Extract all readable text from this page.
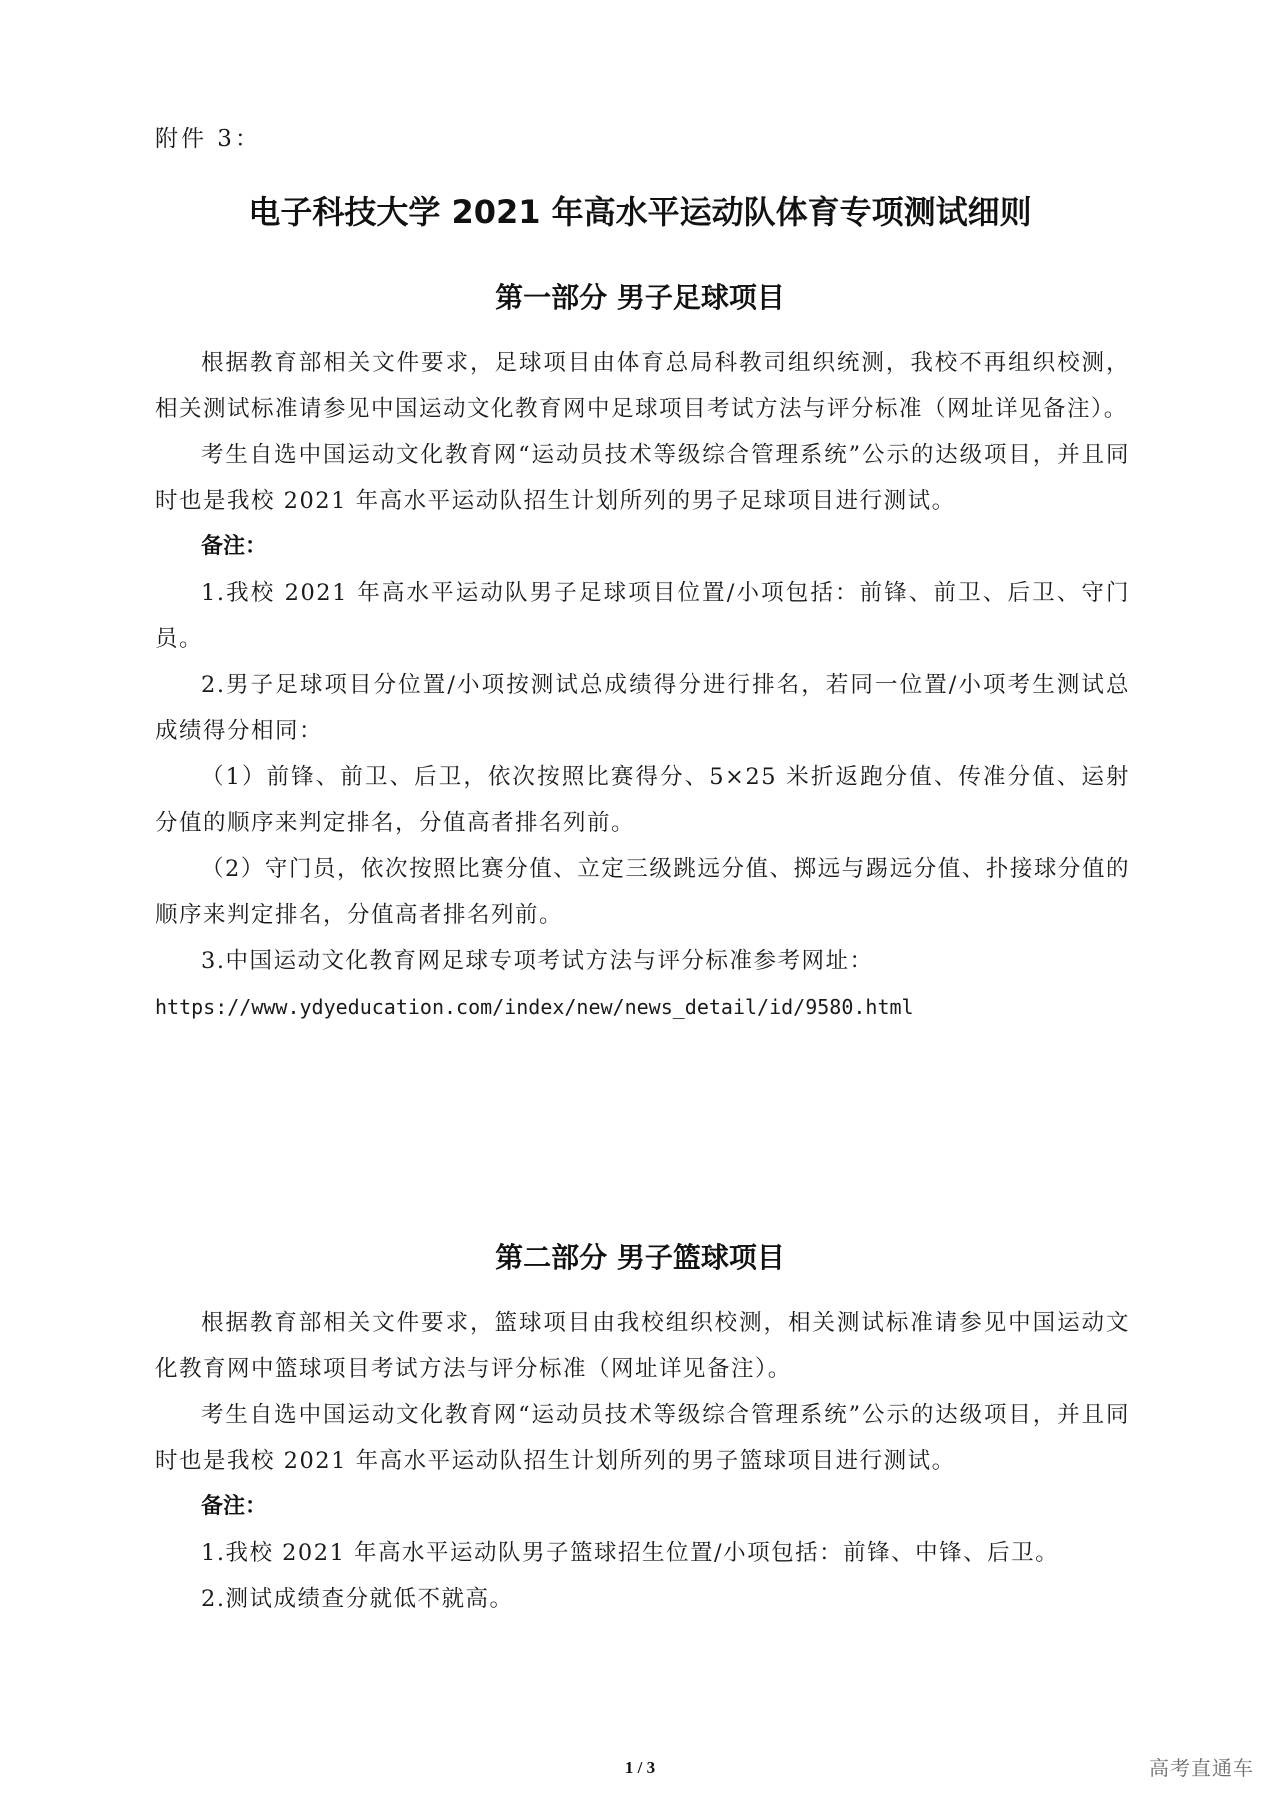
附件 3：
电子科技大学 2021 年高水平运动队体育专项测试细则
第一部分 男子足球项目

根据教育部相关文件要求，足球项目由体育总局科教司组织统测，我校不再组织校测，相关测试标准请参见中国运动文化教育网中足球项目考试方法与评分标准（网址详见备注）。

考生自选中国运动文化教育网“运动员技术等级综合管理系统”公示的达级项目，并且同时也是我校 2021 年高水平运动队招生计划所列的男子足球项目进行测试。

备注：

1.我校 2021 年高水平运动队男子足球项目位置/小项包括：前锋、前卫、后卫、守门员。

2.男子足球项目分位置/小项按测试总成绩得分进行排名，若同一位置/小项考生测试总成绩得分相同：

（1）前锋、前卫、后卫，依次按照比赛得分、5×25 米折返跑分值、传准分值、运射分值的顺序来判定排名，分值高者排名列前。

（2）守门员，依次按照比赛分值、立定三级跳远分值、掷远与踢远分值、扑接球分值的顺序来判定排名，分值高者排名列前。

3.中国运动文化教育网足球专项考试方法与评分标准参考网址：

https://www.ydyeducation.com/index/new/news_detail/id/9580.html

第二部分 男子篮球项目

根据教育部相关文件要求，篮球项目由我校组织校测，相关测试标准请参见中国运动文化教育网中篮球项目考试方法与评分标准（网址详见备注）。

考生自选中国运动文化教育网“运动员技术等级综合管理系统”公示的达级项目，并且同时也是我校 2021 年高水平运动队招生计划所列的男子篮球项目进行测试。

备注：

1.我校 2021 年高水平运动队男子篮球招生位置/小项包括：前锋、中锋、后卫。

2.测试成绩查分就低不就高。

1 / 3	高考直通车
